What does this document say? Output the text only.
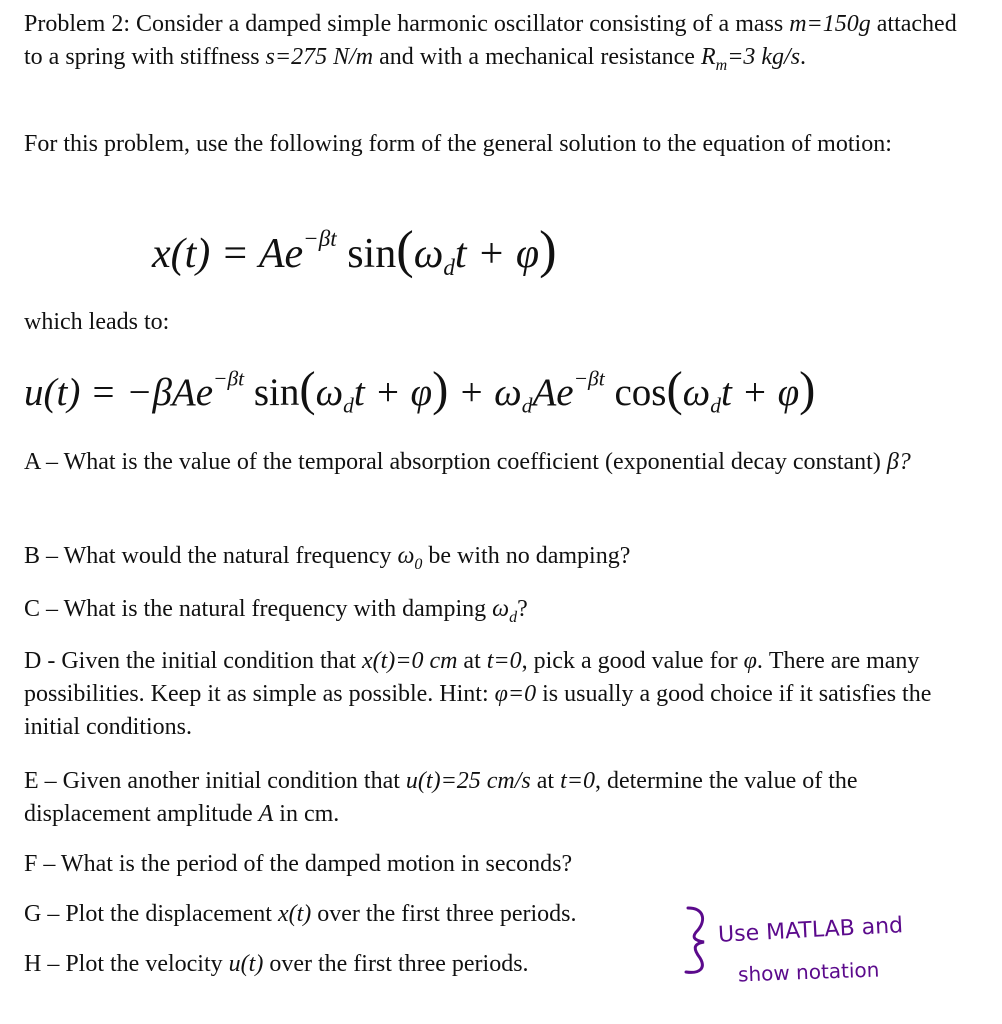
Problem 2: Consider a damped simple harmonic oscillator consisting of a mass m=150g attached to a spring with stiffness s=275 N/m and with a mechanical resistance $R_m=3$ kg/s.

For this problem, use the following form of the general solution to the equation of motion:

$x(t) = Ae^{-\beta t}$ $\sin(\omega_dt + \varphi)$

which leads to:

u(t) = −βAe$^{-\beta t}$ $\sin(\omega_dt + \varphi) + \omega_dAe^{-\beta t}$ $\cos(\omega_dt + \varphi)$

A – What is the value of the temporal absorption coefficient (exponential decay constant) β?

B – What would the natural frequency $\omega_0$ be with no damping?

C – What is the natural frequency with damping $\omega_d$?

D - Given the initial condition that x(t)=0 cm at t=0, pick a good value for φ. There are many possibilities. Keep it as simple as possible. Hint: φ=0 is usually a good choice if it satisfies the initial conditions.

E – Given another initial condition that u(t)=25 cm/s at t=0, determine the value of the displacement amplitude A in cm.

F – What is the period of the damped motion in seconds?

G – Plot the displacement x(t) over the first three periods.

H – Plot the velocity u(t) over the first three periods.

Use MATLAB and
show notation
